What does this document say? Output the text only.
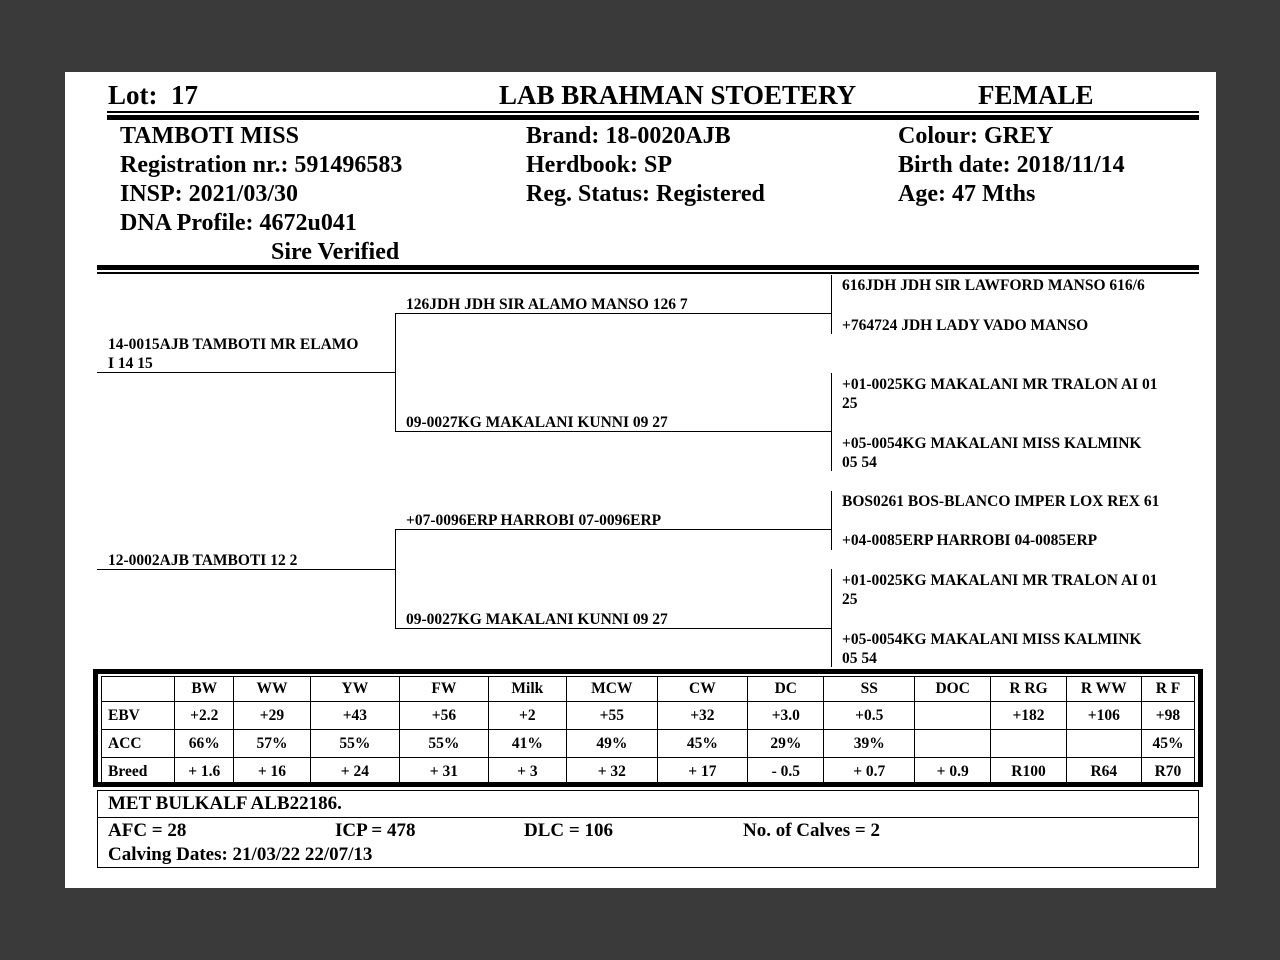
Lot: 17	LAB BRAHMAN STOETERY	FEMALE
TAMBOTI MISS
Registration nr.: 591496583
INSP: 2021/03/30
DNA Profile: 4672u041
Sire Verified
Brand: 18-0020AJB
Herdbook: SP
Reg. Status: Registered
Colour: GREY
Birth date: 2018/11/14
Age: 47 Mths
14-0015AJB TAMBOTI MR ELAMO
I 14 15
12-0002AJB TAMBOTI 12 2
126JDH JDH SIR ALAMO MANSO 126 7
09-0027KG MAKALANI KUNNI 09 27
+07-0096ERP HARROBI 07-0096ERP
09-0027KG MAKALANI KUNNI 09 27
616JDH JDH SIR LAWFORD MANSO 616/6
+764724 JDH LADY VADO MANSO
+01-0025KG MAKALANI MR TRALON AI 01
25
+05-0054KG MAKALANI MISS KALMINK
05 54
BOS0261 BOS-BLANCO IMPER LOX REX 61
+04-0085ERP HARROBI 04-0085ERP
+01-0025KG MAKALANI MR TRALON AI 01
25
+05-0054KG MAKALANI MISS KALMINK
05 54
	BW	WW	YW	FW	Milk	MCW	CW	DC	SS	DOC	R RG	R WW	R F
EBV	+2.2	+29	+43	+56	+2	+55	+32	+3.0	+0.5		+182	+106	+98
ACC	66%	57%	55%	55%	41%	49%	45%	29%	39%				45%
Breed	+ 1.6	+ 16	+ 24	+ 31	+ 3	+ 32	+ 17	- 0.5	+ 0.7	+ 0.9	R100	R64	R70
MET BULKALF ALB22186.
AFC = 28	ICP = 478	DLC = 106	No. of Calves = 2
Calving Dates: 21/03/22 22/07/13
